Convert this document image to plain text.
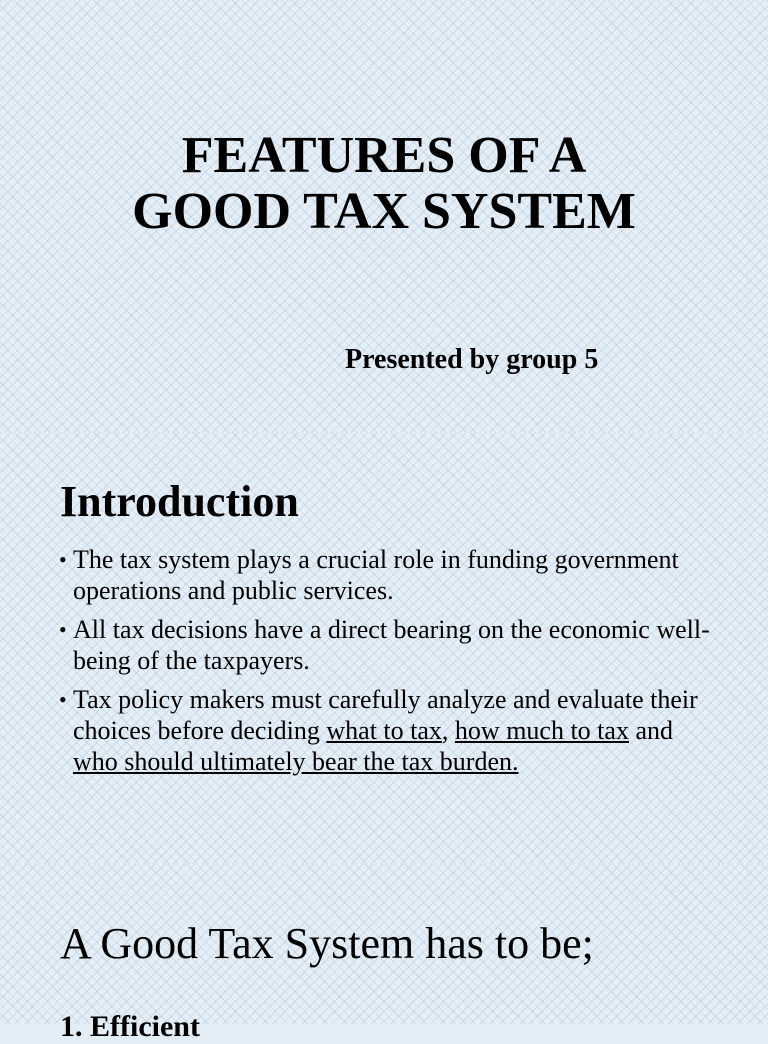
FEATURES OF A
GOOD TAX SYSTEM

Presented by group 5

Introduction
• The tax system plays a crucial role in funding government operations and public services.
• All tax decisions have a direct bearing on the economic well-being of the taxpayers.
• Tax policy makers must carefully analyze and evaluate their choices before deciding what to tax, how much to tax and who should ultimately bear the tax burden.
A Good Tax System has to be;

1. Efficient
